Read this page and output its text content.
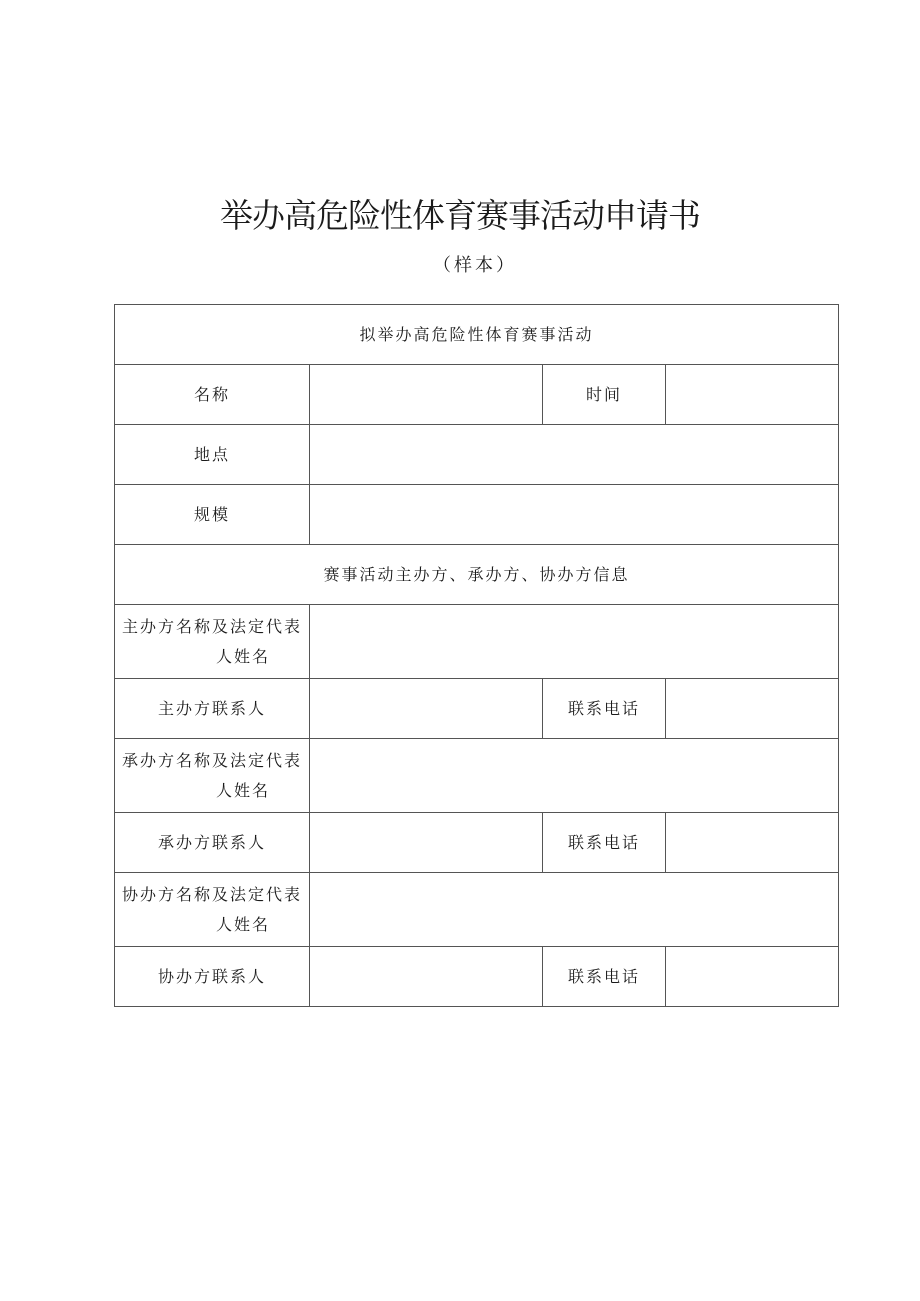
举办高危险性体育赛事活动申请书
（样本）
拟举办高危险性体育赛事活动			
名称		时间	
地点			
规模			
赛事活动主办方、承办方、协办方信息			
主办方名称及法定代表
人姓名			

主办方联系人		联系电话	
承办方名称及法定代表
人姓名			

承办方联系人		联系电话	
协办方名称及法定代表
人姓名			

协办方联系人		联系电话	
